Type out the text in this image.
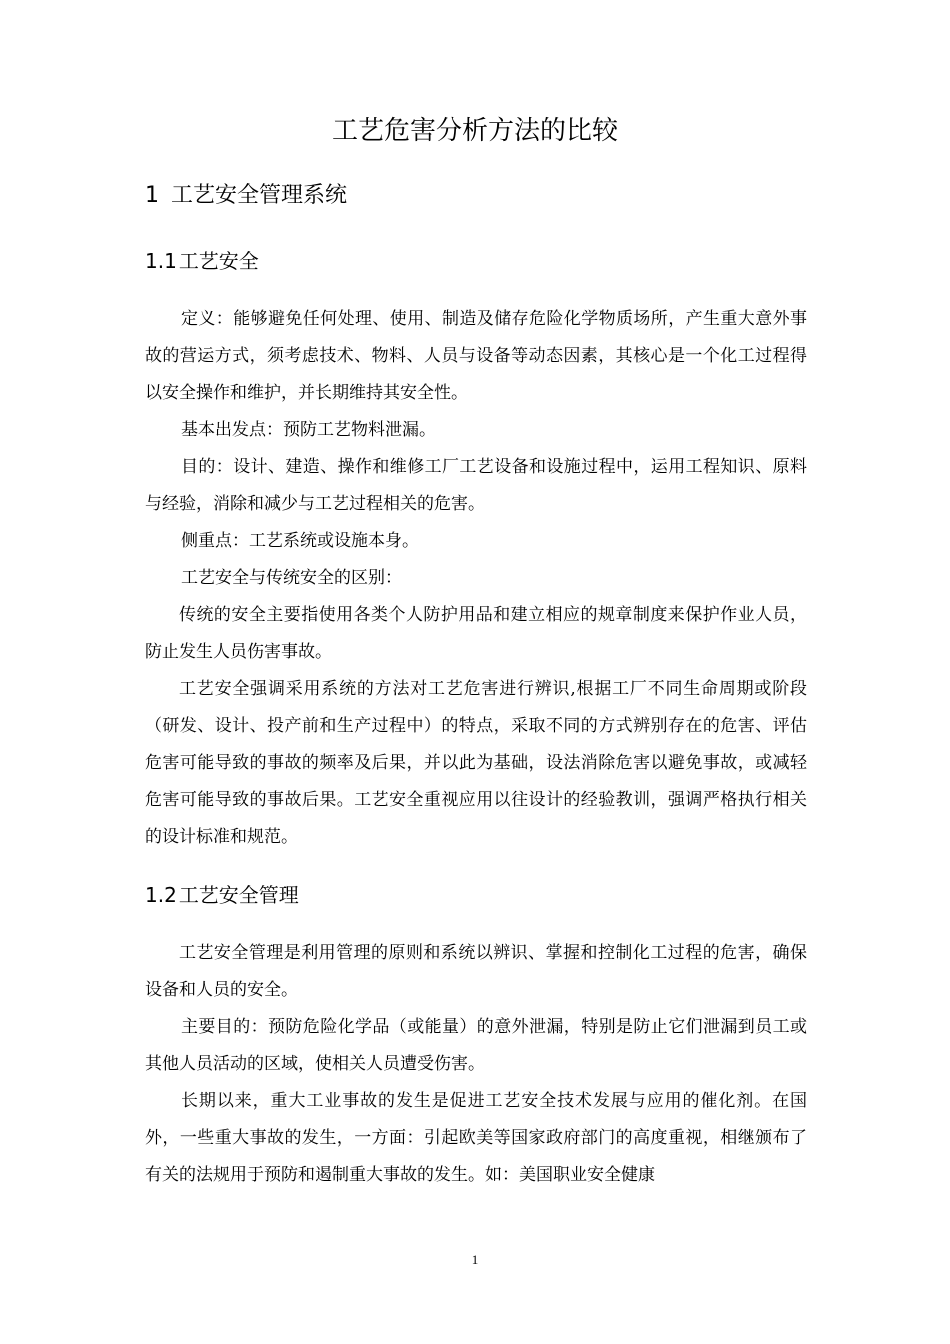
工艺危害分析方法的比较
1 工艺安全管理系统
1.1 工艺安全

定义：能够避免任何处理、使用、制造及储存危险化学物质场所，产生重大意外事故的营运方式，须考虑技术、物料、人员与设备等动态因素，其核心是一个化工过程得以安全操作和维护，并长期维持其安全性。

基本出发点：预防工艺物料泄漏。

目的：设计、建造、操作和维修工厂工艺设备和设施过程中，运用工程知识、原料与经验，消除和减少与工艺过程相关的危害。

侧重点：工艺系统或设施本身。

工艺安全与传统安全的区别：

传统的安全主要指使用各类个人防护用品和建立相应的规章制度来保护作业人员，防止发生人员伤害事故。

工艺安全强调采用系统的方法对工艺危害进行辨识,根据工厂不同生命周期或阶段（研发、设计、投产前和生产过程中）的特点，采取不同的方式辨别存在的危害、评估危害可能导致的事故的频率及后果，并以此为基础，设法消除危害以避免事故，或减轻危害可能导致的事故后果。工艺安全重视应用以往设计的经验教训，强调严格执行相关的设计标准和规范。

1.2 工艺安全管理

工艺安全管理是利用管理的原则和系统以辨识、掌握和控制化工过程的危害，确保设备和人员的安全。

主要目的：预防危险化学品（或能量）的意外泄漏，特别是防止它们泄漏到员工或其他人员活动的区域，使相关人员遭受伤害。

长期以来，重大工业事故的发生是促进工艺安全技术发展与应用的催化剂。在国外，一些重大事故的发生，一方面：引起欧美等国家政府部门的高度重视，相继颁布了有关的法规用于预防和遏制重大事故的发生。如：美国职业安全健康

1
